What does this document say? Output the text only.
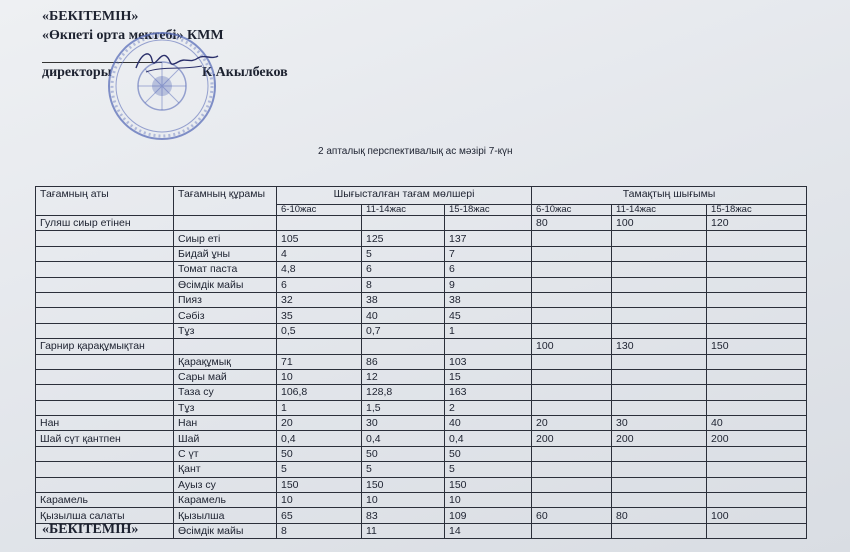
«БЕКІТЕМІН»
«Өкпеті орта мектебі» КММ
директоры	К.Акылбеков
2 апталық перспективалық ас мәзірі 7-күн
Тағамның аты	Тағамның құрамы	Шығысталған тағам мөлшері			Тамақтың шығымы		
		6-10жас	11-14жас	15-18жас	6-10жас	11-14жас	15-18жас
Гуляш сиыр етінен					80	100	120
	Сиыр еті	105	125	137			
	Бидай ұны	4	5	7			
	Томат паста	4,8	6	6			
	Өсімдік майы	6	8	9			
	Пияз	32	38	38			
	Сәбіз	35	40	45			
	Тұз	0,5	0,7	1			
Гарнир қарақұмықтан					100	130	150
	Қарақұмық	71	86	103			
	Сары май	10	12	15			
	Таза су	106,8	128,8	163			
	Тұз	1	1,5	2			
Нан	Нан	20	30	40	20	30	40
Шай сүт қантпен	Шай	0,4	0,4	0,4	200	200	200
	С үт	50	50	50			
	Қант	5	5	5			
	Ауыз су	150	150	150			
Карамель	Карамель	10	10	10			
Қызылша салаты	Қызылша	65	83	109	60	80	100
	Өсімдік майы	8	11	14			
«БЕКІТЕМІН»
